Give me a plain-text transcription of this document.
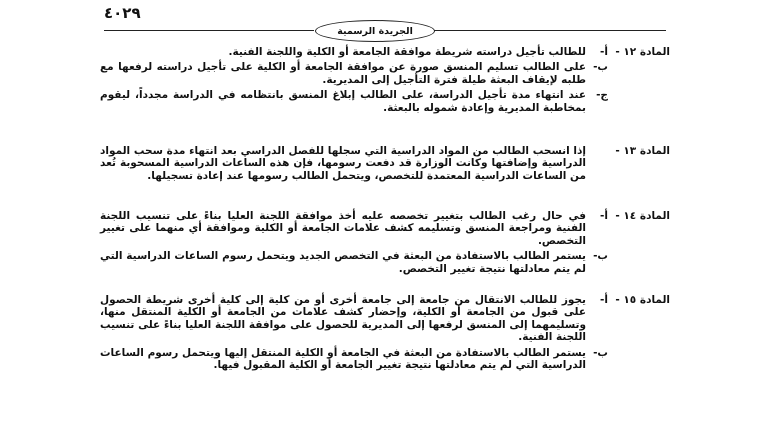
٤٠٢٩
الجريدة الرسمية
المادة ١٢ -
أ-
للطالب تأجيل دراسته شريطة موافقة الجامعة أو الكلية واللجنة الفنية.
ب-
على الطالب تسليم المنسق صورة عن موافقة الجامعة أو الكلية على تأجيل دراسته لرفعها مع طلبه لإيقاف البعثة طيلة فترة التأجيل إلى المديرية.
ج-
عند انتهاء مدة تأجيل الدراسة، على الطالب إبلاغ المنسق بانتظامه في الدراسة مجدداً، ليقوم بمخاطبة المديرية وإعادة شموله بالبعثة.
المادة ١٣ -
إذا انسحب الطالب من المواد الدراسية التي سجلها للفصل الدراسي بعد انتهاء مدة سحب المواد الدراسية وإضافتها وكانت الوزارة قد دفعت رسومها، فإن هذه الساعات الدراسية المسحوبة تُعد من الساعات الدراسية المعتمدة للتخصص، ويتحمل الطالب رسومها عند إعادة تسجيلها.
المادة ١٤ -
أ-
في حال رغب الطالب بتغيير تخصصه عليه أخذ موافقة اللجنة العليا بناءً على تنسيب اللجنة الفنية ومراجعة المنسق وتسليمه كشف علامات الجامعة أو الكلية وموافقة أي منهما على تغيير التخصص.
ب-
يستمر الطالب بالاستفادة من البعثة في التخصص الجديد ويتحمل رسوم الساعات الدراسية التي لم يتم معادلتها نتيجة تغيير التخصص.
المادة ١٥ -
أ-
يجوز للطالب الانتقال من جامعة إلى جامعة أخرى أو من كلية إلى كلية أخرى شريطة الحصول على قبول من الجامعة أو الكلية، وإحضار كشف علامات من الجامعة أو الكلية المنتقل منها، وتسليمهما إلى المنسق لرفعها إلى المديرية للحصول على موافقة اللجنة العليا بناءً على تنسيب اللجنة الفنية.
ب-
يستمر الطالب بالاستفادة من البعثة في الجامعة أو الكلية المنتقل إليها ويتحمل رسوم الساعات الدراسية التي لم يتم معادلتها نتيجة تغيير الجامعة أو الكلية المقبول فيها.
